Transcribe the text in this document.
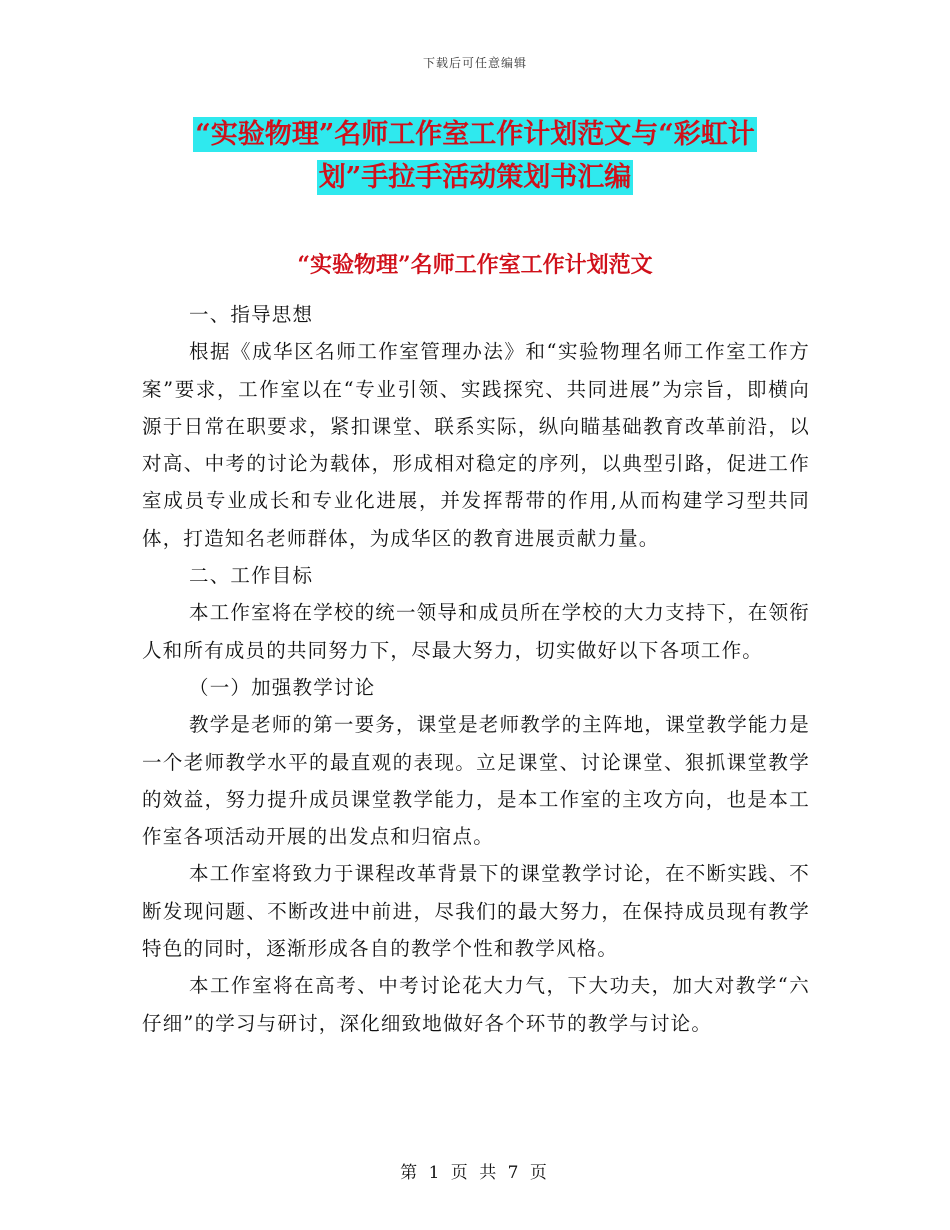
下载后可任意编辑
“实验物理”名师工作室工作计划范文与“彩虹计
划”手拉手活动策划书汇编
“实验物理”名师工作室工作计划范文

一、指导思想

根据《成华区名师工作室管理办法》和“实验物理名师工作室工作方案”要求，工作室以在“专业引领、实践探究、共同进展”为宗旨，即横向源于日常在职要求，紧扣课堂、联系实际，纵向瞄基础教育改革前沿，以对高、中考的讨论为载体，形成相对稳定的序列，以典型引路，促进工作室成员专业成长和专业化进展，并发挥帮带的作用,从而构建学习型共同体，打造知名老师群体，为成华区的教育进展贡献力量。

二、工作目标

本工作室将在学校的统一领导和成员所在学校的大力支持下，在领衔人和所有成员的共同努力下，尽最大努力，切实做好以下各项工作。

（一）加强教学讨论

教学是老师的第一要务，课堂是老师教学的主阵地，课堂教学能力是一个老师教学水平的最直观的表现。立足课堂、讨论课堂、狠抓课堂教学的效益，努力提升成员课堂教学能力，是本工作室的主攻方向，也是本工作室各项活动开展的出发点和归宿点。

本工作室将致力于课程改革背景下的课堂教学讨论，在不断实践、不断发现问题、不断改进中前进，尽我们的最大努力，在保持成员现有教学特色的同时，逐渐形成各自的教学个性和教学风格。

本工作室将在高考、中考讨论花大力气，下大功夫，加大对教学“六仔细”的学习与研讨，深化细致地做好各个环节的教学与讨论。

第 1 页 共 7 页
